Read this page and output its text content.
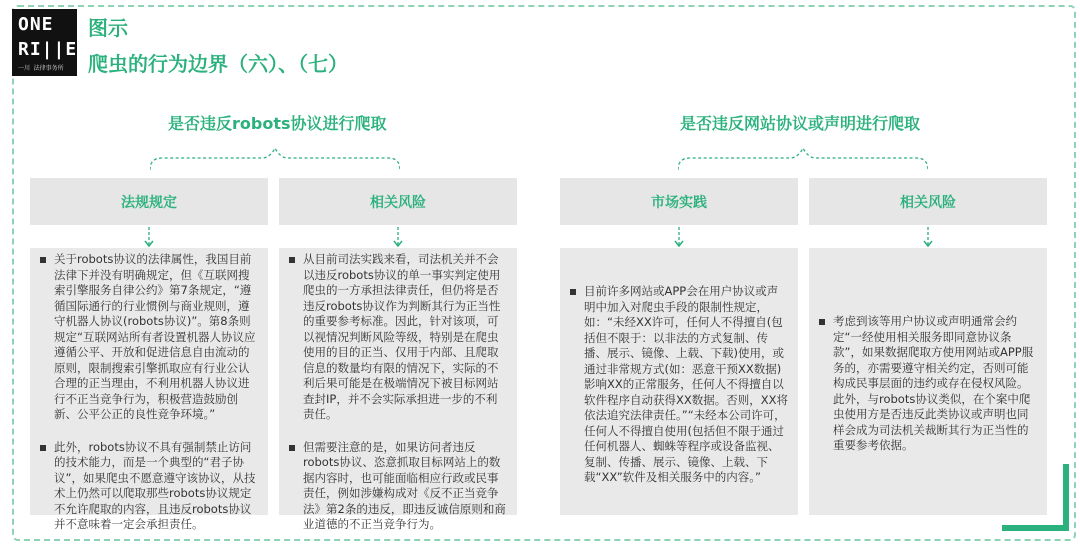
ONE
RI||ER
一川 法律事务所
图示
爬虫的行为边界（六）、（七）
是否违反robots协议进行爬取	是否违反网站协议或声明进行爬取
法规规定	相关风险	市场实践	相关风险
关于robots协议的法律属性，我国目前法律下并没有明确规定，但《互联网搜索引擎服务自律公约》第7条规定，“遵循国际通行的行业惯例与商业规则，遵守机器人协议(robots协议)”。第8条则规定“互联网站所有者设置机器人协议应遵循公平、开放和促进信息自由流动的原则，限制搜索引擎抓取应有行业公认合理的正当理由，不利用机器人协议进行不正当竞争行为，积极营造鼓励创新、公平公正的良性竞争环境。”
此外，robots协议不具有强制禁止访问的技术能力，而是一个典型的“君子协议”，如果爬虫不愿意遵守该协议，从技术上仍然可以爬取那些robots协议规定不允许爬取的内容，且违反robots协议并不意味着一定会承担责任。
从目前司法实践来看，司法机关并不会以违反robots协议的单一事实判定使用爬虫的一方承担法律责任，但仍将是否违反robots协议作为判断其行为正当性的重要参考标准。因此，针对该项，可以视情况判断风险等级，特别是在爬虫使用的目的正当、仅用于内部、且爬取信息的数量均有限的情况下，实际的不利后果可能是在极端情况下被目标网站查封IP，并不会实际承担进一步的不利责任。
但需要注意的是，如果访问者违反robots协议、恣意抓取目标网站上的数据内容时，也可能面临相应行政或民事责任，例如涉嫌构成对《反不正当竞争法》第2条的违反，即违反诚信原则和商业道德的不正当竞争行为。
目前许多网站或APP会在用户协议或声明中加入对爬虫手段的限制性规定，如：“未经XX许可，任何人不得擅自(包括但不限于：以非法的方式复制、传播、展示、镜像、上载、下载)使用，或通过非常规方式(如：恶意干预XX数据)影响XX的正常服务，任何人不得擅自以软件程序自动获得XX数据。否则，XX将依法追究法律责任。”“未经本公司许可，任何人不得擅自使用(包括但不限于通过任何机器人、蜘蛛等程序或设备监视、复制、传播、展示、镜像、上载、下载“XX”软件及相关服务中的内容。”
考虑到该等用户协议或声明通常会约定“一经使用相关服务即同意协议条款”，如果数据爬取方使用网站或APP服务的，亦需要遵守相关约定，否则可能构成民事层面的违约或存在侵权风险。此外，与robots协议类似，在个案中爬虫使用方是否违反此类协议或声明也同样会成为司法机关裁断其行为正当性的重要参考依据。
